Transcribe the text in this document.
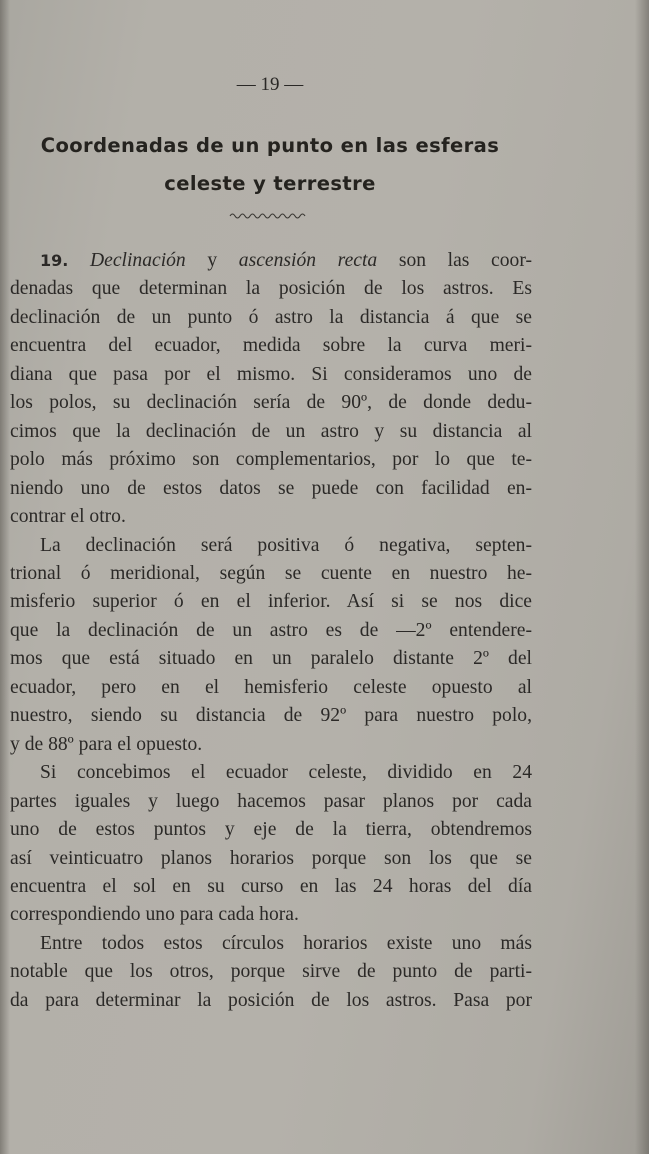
— 19 —
Coordenadas de un punto en las esferas
celeste y terrestre
19. Declinación y ascensión recta son las coor-
denadas que determinan la posición de los astros. Es
declinación de un punto ó astro la distancia á que se
encuentra del ecuador, medida sobre la curva meri-
diana que pasa por el mismo. Si consideramos uno de
los polos, su declinación sería de 90º, de donde dedu-
cimos que la declinación de un astro y su distancia al
polo más próximo son complementarios, por lo que te-
niendo uno de estos datos se puede con facilidad en-
contrar el otro.
La declinación será positiva ó negativa, septen-
trional ó meridional, según se cuente en nuestro he-
misferio superior ó en el inferior. Así si se nos dice
que la declinación de un astro es de —2º entendere-
mos que está situado en un paralelo distante 2º del
ecuador, pero en el hemisferio celeste opuesto al
nuestro, siendo su distancia de 92º para nuestro polo,
y de 88º para el opuesto.
Si concebimos el ecuador celeste, dividido en 24
partes iguales y luego hacemos pasar planos por cada
uno de estos puntos y eje de la tierra, obtendremos
así veinticuatro planos horarios porque son los que se
encuentra el sol en su curso en las 24 horas del día
correspondiendo uno para cada hora.
Entre todos estos círculos horarios existe uno más
notable que los otros, porque sirve de punto de parti-
da para determinar la posición de los astros. Pasa por
